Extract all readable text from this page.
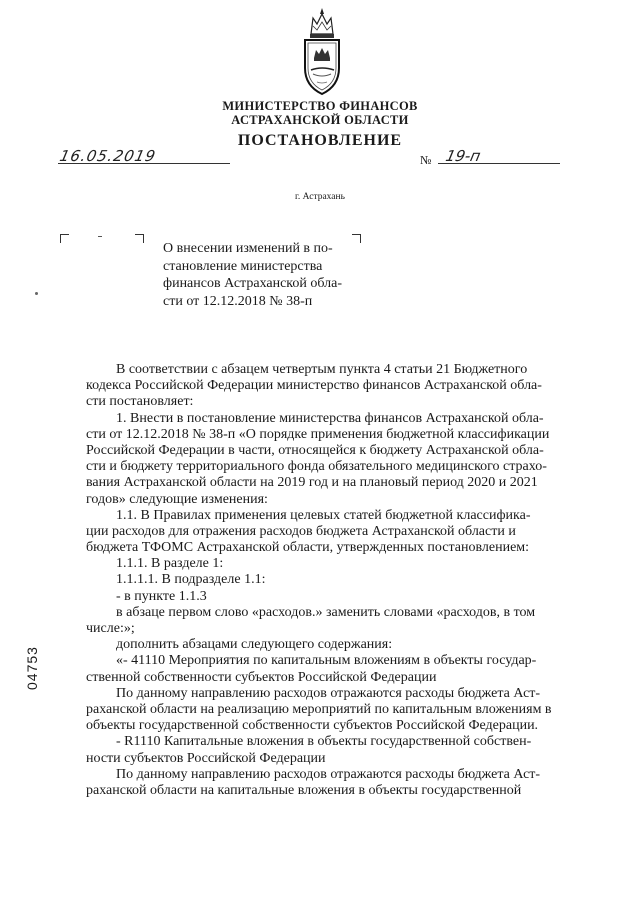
МИНИСТЕРСТВО ФИНАНСОВ
АСТРАХАНСКОЙ ОБЛАСТИ
ПОСТАНОВЛЕНИЕ
16.05.2019	№ 19-п
г. Астрахань
О внесении изменений в по-
становление министерства
финансов Астраханской обла-
сти от 12.12.2018 № 38-п
04753
В соответствии с абзацем четвертым пункта 4 статьи 21 Бюджетного
кодекса Российской Федерации министерство финансов Астраханской обла-
сти постановляет:
1. Внести в постановление министерства финансов Астраханской обла-
сти от 12.12.2018 № 38-п «О порядке применения бюджетной классификации
Российской Федерации в части, относящейся к бюджету Астраханской обла-
сти и бюджету территориального фонда обязательного медицинского страхо-
вания Астраханской области на 2019 год и на плановый период 2020 и 2021
годов» следующие изменения:
1.1. В Правилах применения целевых статей бюджетной классифика-
ции расходов для отражения расходов бюджета Астраханской области и
бюджета ТФОМС Астраханской области, утвержденных постановлением:
1.1.1. В разделе 1:
1.1.1.1. В подразделе 1.1:
- в пункте 1.1.3
в абзаце первом слово «расходов.» заменить словами «расходов, в том
числе:»;
дополнить абзацами следующего содержания:
«- 41110 Мероприятия по капитальным вложениям в объекты государ-
ственной собственности субъектов Российской Федерации
По данному направлению расходов отражаются расходы бюджета Аст-
раханской области на реализацию мероприятий по капитальным вложениям в
объекты государственной собственности субъектов Российской Федерации.
- R1110 Капитальные вложения в объекты государственной собствен-
ности субъектов Российской Федерации
По данному направлению расходов отражаются расходы бюджета Аст-
раханской области на капитальные вложения в объекты государственной
